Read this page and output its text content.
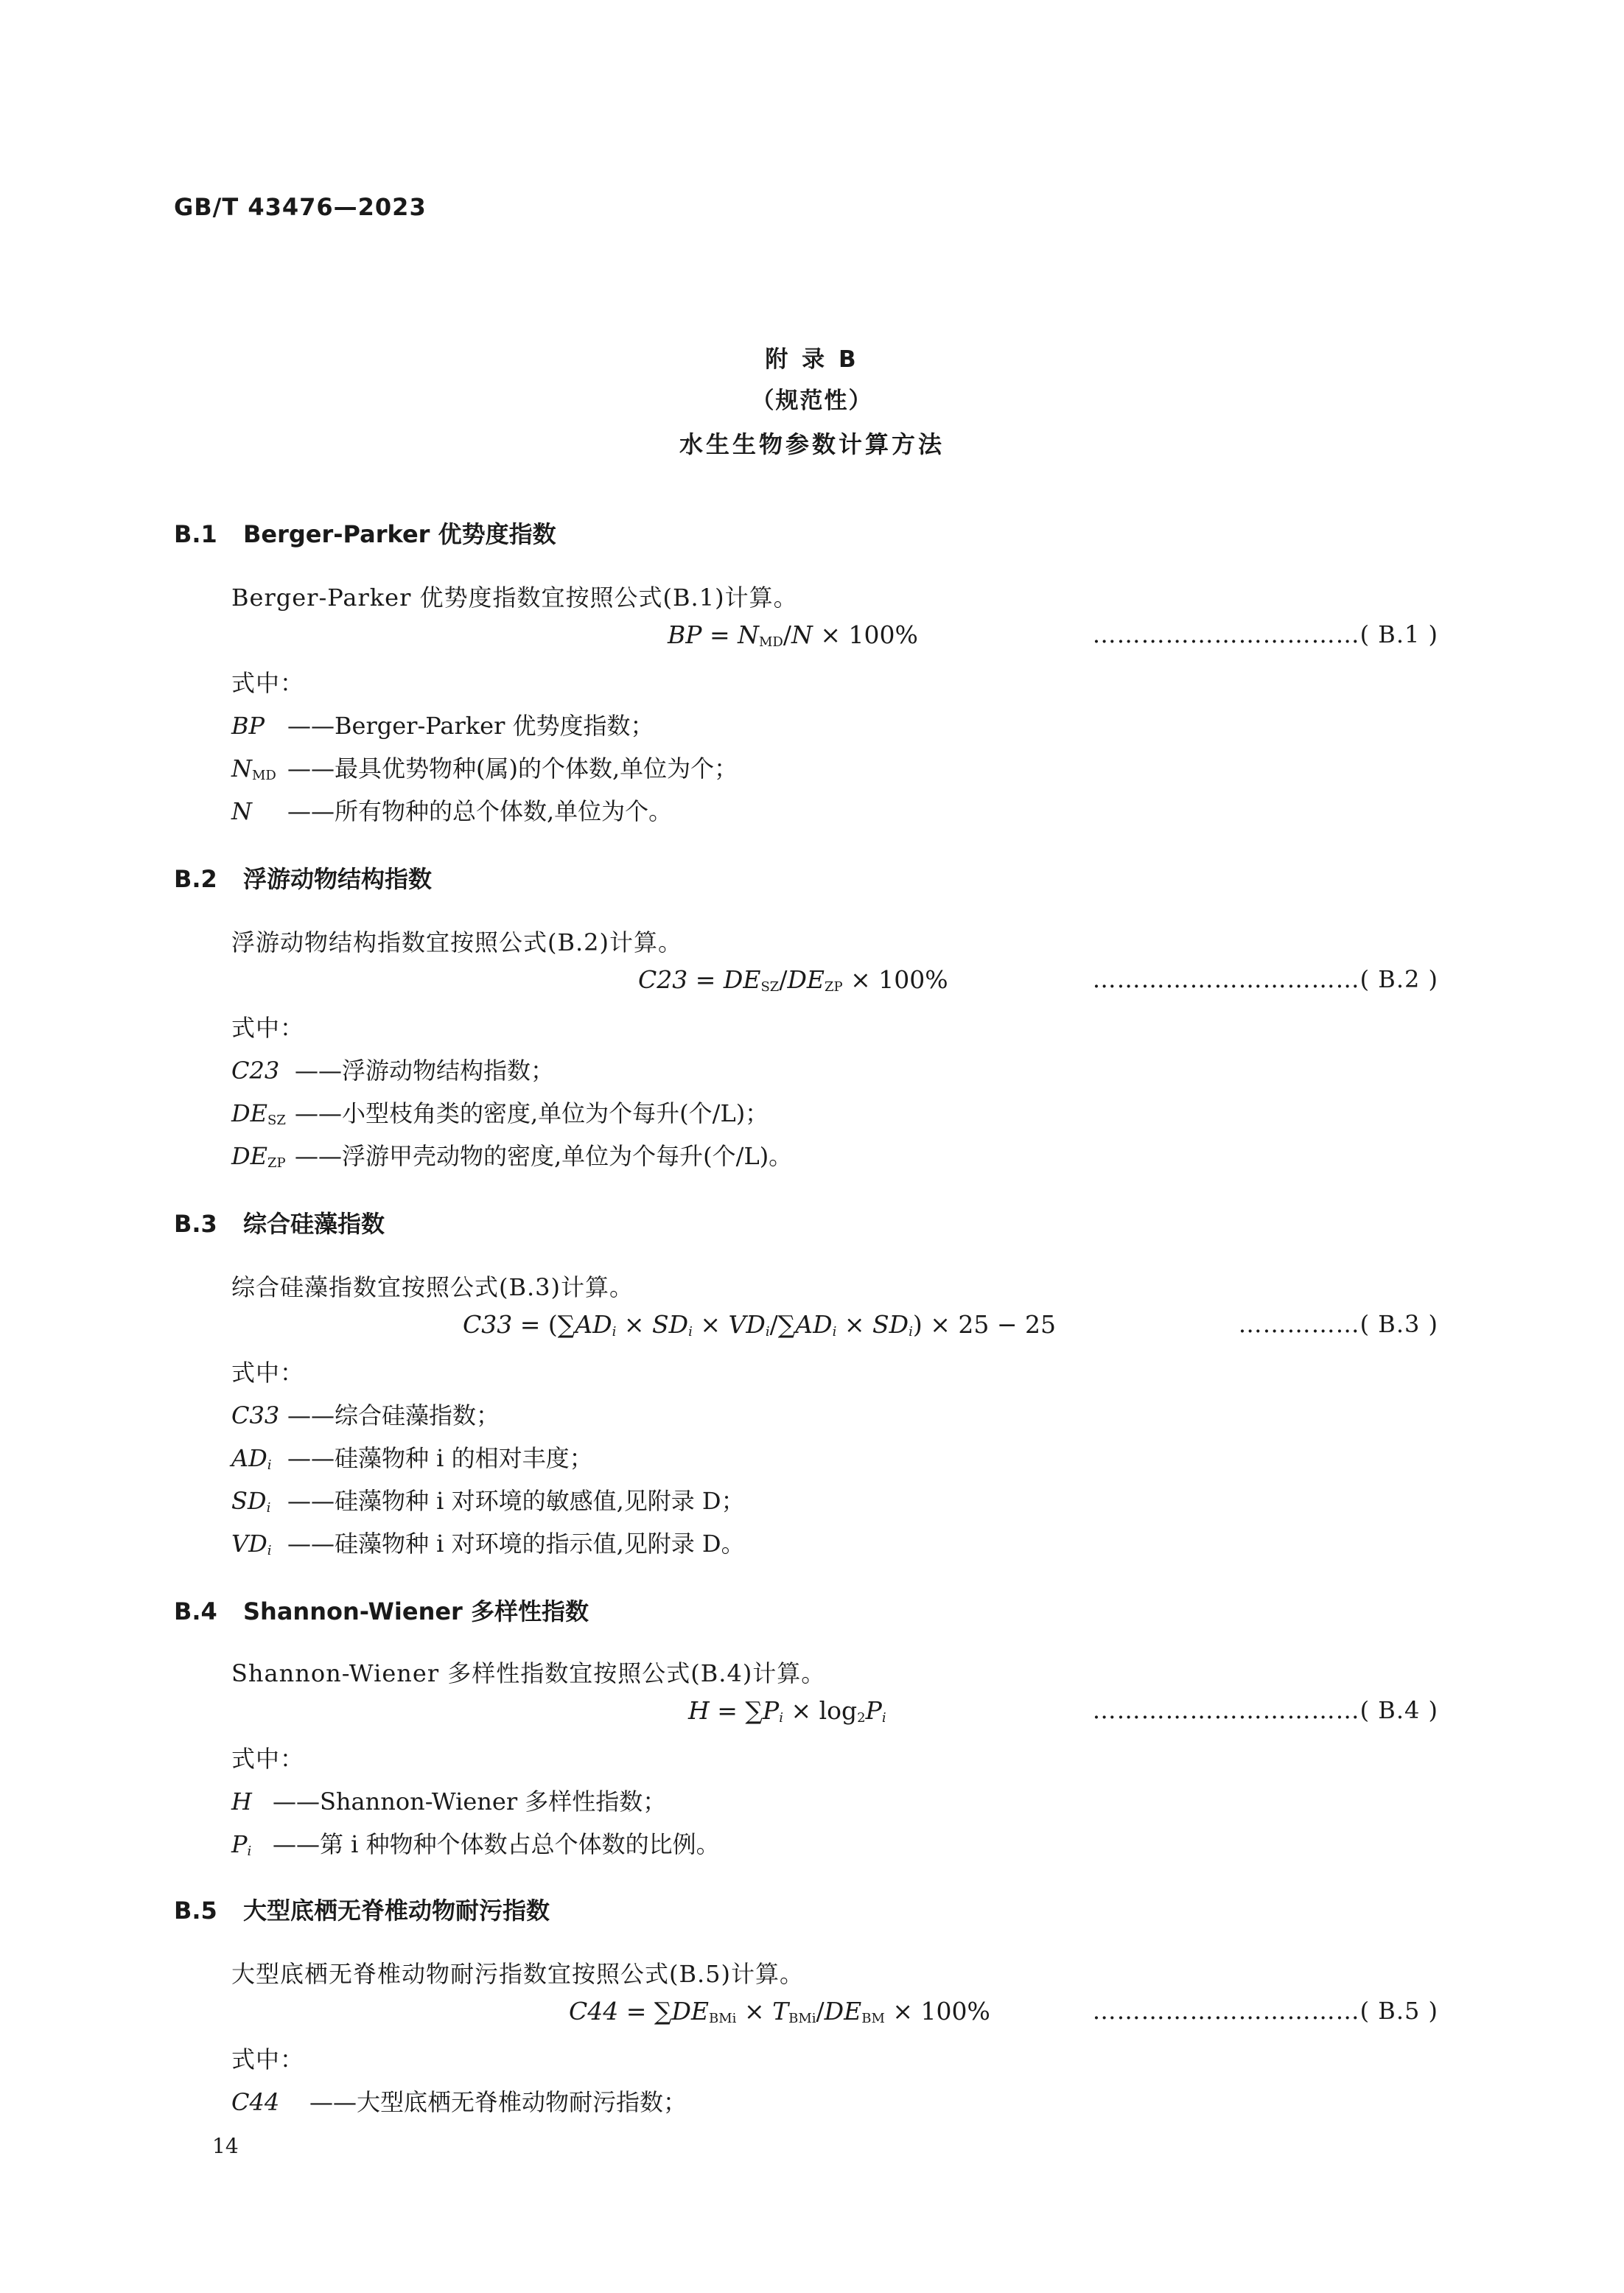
GB/T 43476—2023
附 录 B
（规范性）
水生生物参数计算方法
B.1 Berger-Parker 优势度指数
Berger-Parker 优势度指数宜按照公式(B.1)计算。
BP = $N_{MD}/N \times 100\%$	……………………………( B.1 )
式中：
BP ——Berger-Parker 优势度指数；
$N_{MD}$ ——最具优势物种(属)的个体数,单位为个；
N ——所有物种的总个体数,单位为个。
B.2 浮游动物结构指数
浮游动物结构指数宜按照公式(B.2)计算。
$C23 = DE_{SZ}/DE_{ZP} \times 100\%$	……………………………( B.2 )
式中：
C23 ——浮游动物结构指数；
$DE_{SZ}$ ——小型枝角类的密度,单位为个每升(个/L)；
$DE_{ZP}$ ——浮游甲壳动物的密度,单位为个每升(个/L)。
B.3 综合硅藻指数
综合硅藻指数宜按照公式(B.3)计算。
$C33 = (\sum AD_i \times SD_i \times VD_i/\sum AD_i \times SD_i) \times 25 - 25$	……………( B.3 )
式中：
C33 ——综合硅藻指数；
$AD_i$ ——硅藻物种 i 的相对丰度；
$SD_i$ ——硅藻物种 i 对环境的敏感值,见附录 D；
$VD_i$ ——硅藻物种 i 对环境的指示值,见附录 D。
B.4 Shannon-Wiener 多样性指数
Shannon-Wiener 多样性指数宜按照公式(B.4)计算。
$H = \sum P_i \times \log_2P_i$	……………………………( B.4 )
式中：
H ——Shannon-Wiener 多样性指数；
$P_i$ ——第 i 种物种个体数占总个体数的比例。
B.5 大型底栖无脊椎动物耐污指数
大型底栖无脊椎动物耐污指数宜按照公式(B.5)计算。
$C44 = \sum DE_{BMi} \times T_{BMi}/DE_{BM} \times 100\%$	……………………………( B.5 )
式中：
C44 ——大型底栖无脊椎动物耐污指数；
14
